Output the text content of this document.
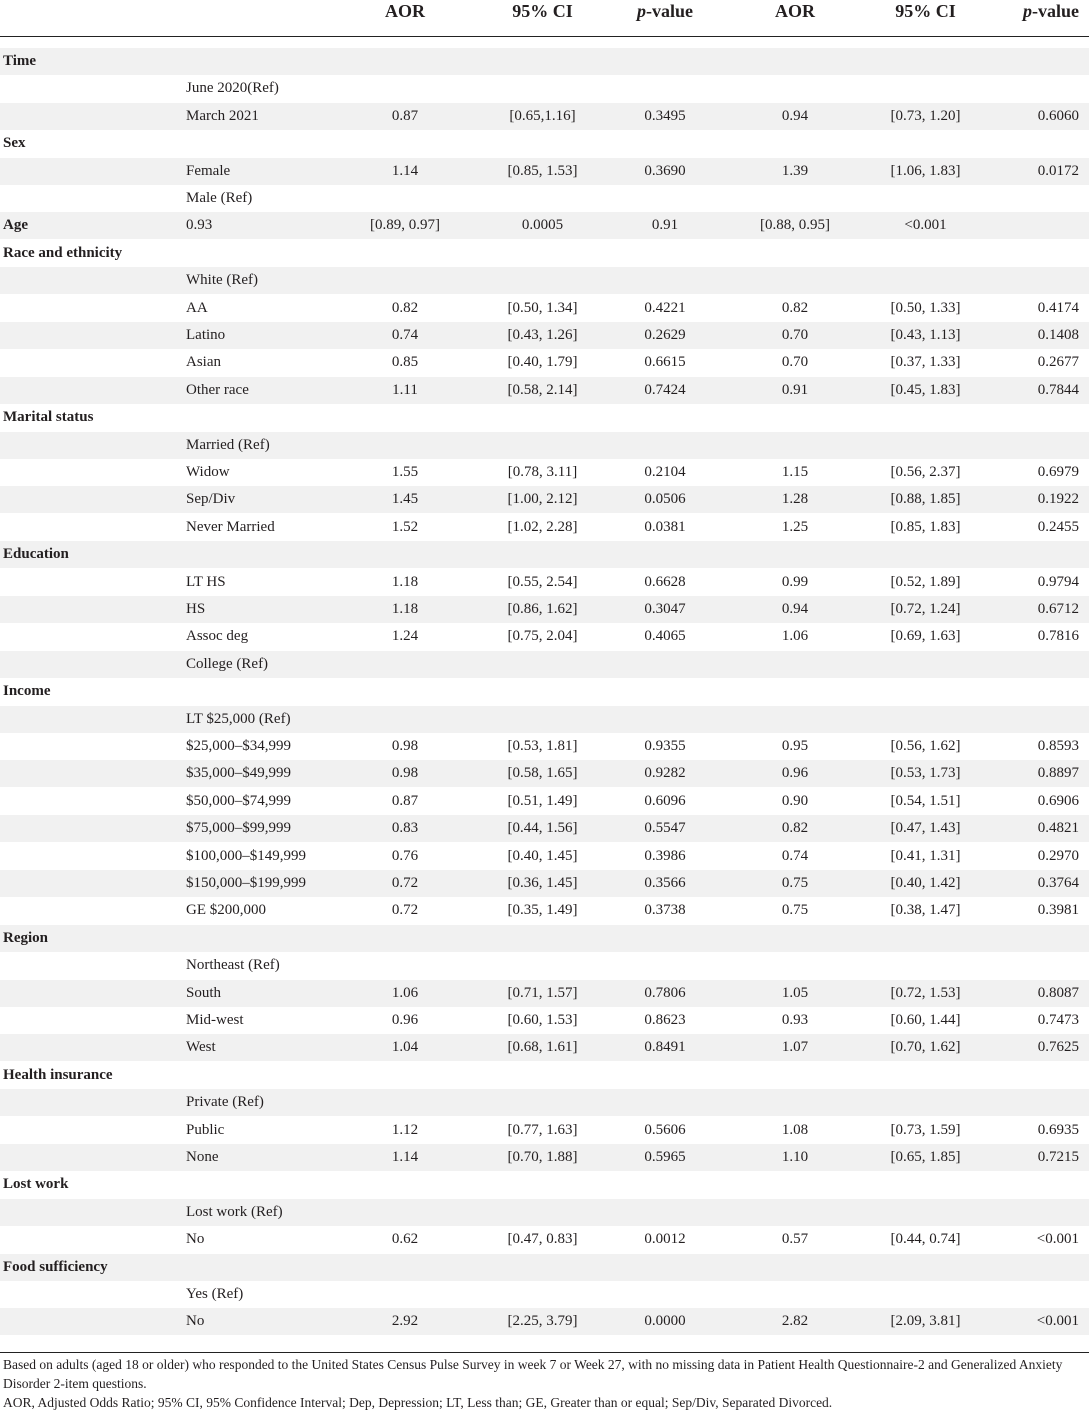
AOR	95% CI	p-value	AOR	95% CI	p-value
Time
June 2020(Ref)
March 2021	0.87	[0.65,1.16]	0.3495	0.94	[0.73, 1.20]	0.6060
Sex
Female	1.14	[0.85, 1.53]	0.3690	1.39	[1.06, 1.83]	0.0172
Male (Ref)
Age	0.93	[0.89, 0.97]	0.0005	0.91	[0.88, 0.95]	<0.001
Race and ethnicity
White (Ref)
AA	0.82	[0.50, 1.34]	0.4221	0.82	[0.50, 1.33]	0.4174
Latino	0.74	[0.43, 1.26]	0.2629	0.70	[0.43, 1.13]	0.1408
Asian	0.85	[0.40, 1.79]	0.6615	0.70	[0.37, 1.33]	0.2677
Other race	1.11	[0.58, 2.14]	0.7424	0.91	[0.45, 1.83]	0.7844
Marital status
Married (Ref)
Widow	1.55	[0.78, 3.11]	0.2104	1.15	[0.56, 2.37]	0.6979
Sep/Div	1.45	[1.00, 2.12]	0.0506	1.28	[0.88, 1.85]	0.1922
Never Married	1.52	[1.02, 2.28]	0.0381	1.25	[0.85, 1.83]	0.2455
Education
LT HS	1.18	[0.55, 2.54]	0.6628	0.99	[0.52, 1.89]	0.9794
HS	1.18	[0.86, 1.62]	0.3047	0.94	[0.72, 1.24]	0.6712
Assoc deg	1.24	[0.75, 2.04]	0.4065	1.06	[0.69, 1.63]	0.7816
College (Ref)
Income
LT $25,000 (Ref)
$25,000–$34,999	0.98	[0.53, 1.81]	0.9355	0.95	[0.56, 1.62]	0.8593
$35,000–$49,999	0.98	[0.58, 1.65]	0.9282	0.96	[0.53, 1.73]	0.8897
$50,000–$74,999	0.87	[0.51, 1.49]	0.6096	0.90	[0.54, 1.51]	0.6906
$75,000–$99,999	0.83	[0.44, 1.56]	0.5547	0.82	[0.47, 1.43]	0.4821
$100,000–$149,999	0.76	[0.40, 1.45]	0.3986	0.74	[0.41, 1.31]	0.2970
$150,000–$199,999	0.72	[0.36, 1.45]	0.3566	0.75	[0.40, 1.42]	0.3764
GE $200,000	0.72	[0.35, 1.49]	0.3738	0.75	[0.38, 1.47]	0.3981
Region
Northeast (Ref)
South	1.06	[0.71, 1.57]	0.7806	1.05	[0.72, 1.53]	0.8087
Mid-west	0.96	[0.60, 1.53]	0.8623	0.93	[0.60, 1.44]	0.7473
West	1.04	[0.68, 1.61]	0.8491	1.07	[0.70, 1.62]	0.7625
Health insurance
Private (Ref)
Public	1.12	[0.77, 1.63]	0.5606	1.08	[0.73, 1.59]	0.6935
None	1.14	[0.70, 1.88]	0.5965	1.10	[0.65, 1.85]	0.7215
Lost work
Lost work (Ref)
No	0.62	[0.47, 0.83]	0.0012	0.57	[0.44, 0.74]	<0.001
Food sufficiency
Yes (Ref)
No	2.92	[2.25, 3.79]	0.0000	2.82	[2.09, 3.81]	<0.001

Based on adults (aged 18 or older) who responded to the United States Census Pulse Survey in week 7 or Week 27, with no missing data in Patient Health Questionnaire-2 and Generalized Anxiety Disorder 2-item questions.

AOR, Adjusted Odds Ratio; 95% CI, 95% Confidence Interval; Dep, Depression; LT, Less than; GE, Greater than or equal; Sep/Div, Separated Divorced.
